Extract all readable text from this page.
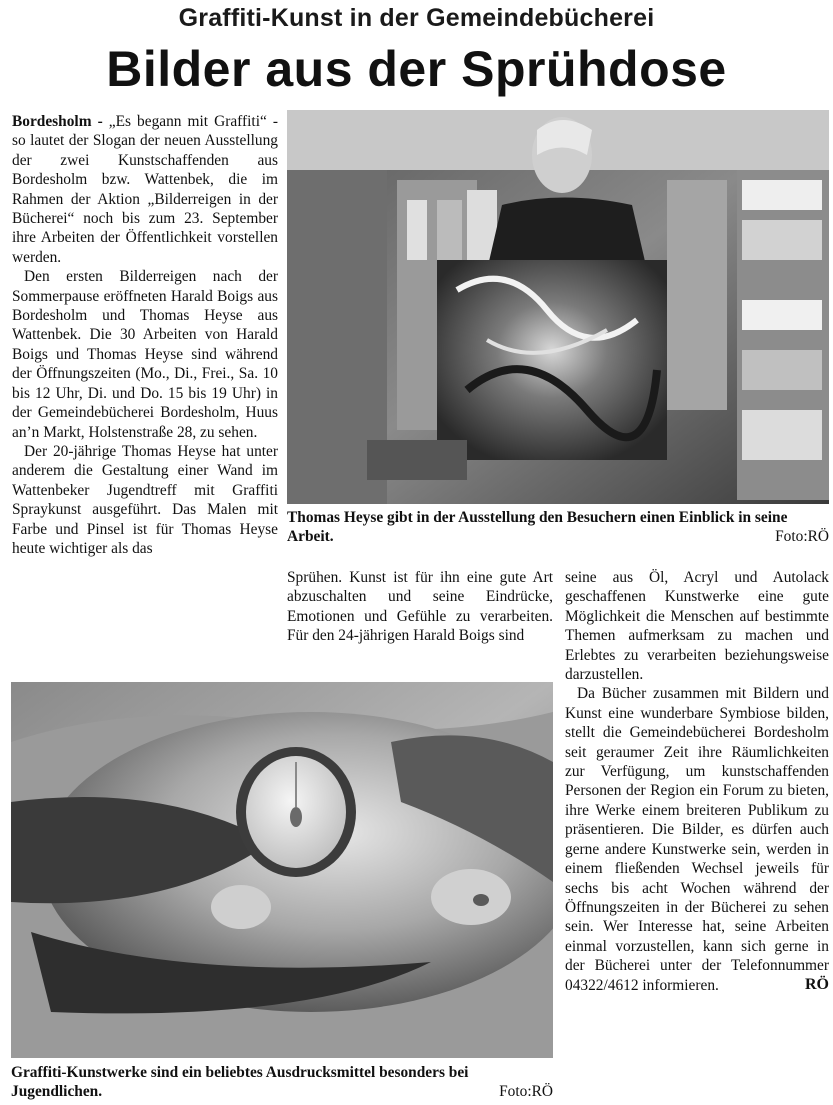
Graffiti-Kunst in der Gemeindebücherei
Bilder aus der Sprühdose

Bordesholm - „Es begann mit Graffiti“ - so lautet der Slogan der neuen Ausstellung der zwei Kunstschaffenden aus Bordesholm bzw. Wattenbek, die im Rahmen der Aktion „Bilderreigen in der Bücherei“ noch bis zum 23. September ihre Arbeiten der Öffentlichkeit vorstellen werden.

Den ersten Bilderreigen nach der Sommerpause eröffneten Harald Boigs aus Bordesholm und Thomas Heyse aus Wattenbek. Die 30 Arbeiten von Harald Boigs und Thomas Heyse sind während der Öffnungszeiten (Mo., Di., Frei., Sa. 10 bis 12 Uhr, Di. und Do. 15 bis 19 Uhr) in der Gemeindebücherei Bordesholm, Huus an’n Markt, Holstenstraße 28, zu sehen.

Der 20-jährige Thomas Heyse hat unter anderem die Gestaltung einer Wand im Wattenbeker Jugendtreff mit Graffiti Spraykunst ausgeführt. Das Malen mit Farbe und Pinsel ist für Thomas Heyse heute wichtiger als das

Thomas Heyse gibt in der Ausstellung den Besuchern einen Einblick in seine Arbeit.	Foto:RÖ

Sprühen. Kunst ist für ihn eine gute Art abzuschalten und seine Eindrücke, Emotionen und Gefühle zu verarbeiten. Für den 24-jährigen Harald Boigs sind

seine aus Öl, Acryl und Autolack geschaffenen Kunstwerke eine gute Möglichkeit die Menschen auf bestimmte Themen aufmerksam zu machen und Erlebtes zu verarbeiten beziehungsweise darzustellen.

Da Bücher zusammen mit Bildern und Kunst eine wunderbare Symbiose bilden, stellt die Gemeindebücherei Bordesholm seit geraumer Zeit ihre Räumlichkeiten zur Verfügung, um kunstschaffenden Personen der Region ein Forum zu bieten, ihre Werke einem breiteren Publikum zu präsentieren. Die Bilder, es dürfen auch gerne andere Kunstwerke sein, werden in einem fließenden Wechsel jeweils für sechs bis acht Wochen während der Öffnungszeiten in der Bücherei zu sehen sein. Wer Interesse hat, seine Arbeiten einmal vorzustellen, kann sich gerne in der Bücherei unter der Telefonnummer 04322/4612 informieren.	RÖ

Graffiti-Kunstwerke sind ein beliebtes Ausdrucksmittel besonders bei Jugendlichen.	Foto:RÖ
